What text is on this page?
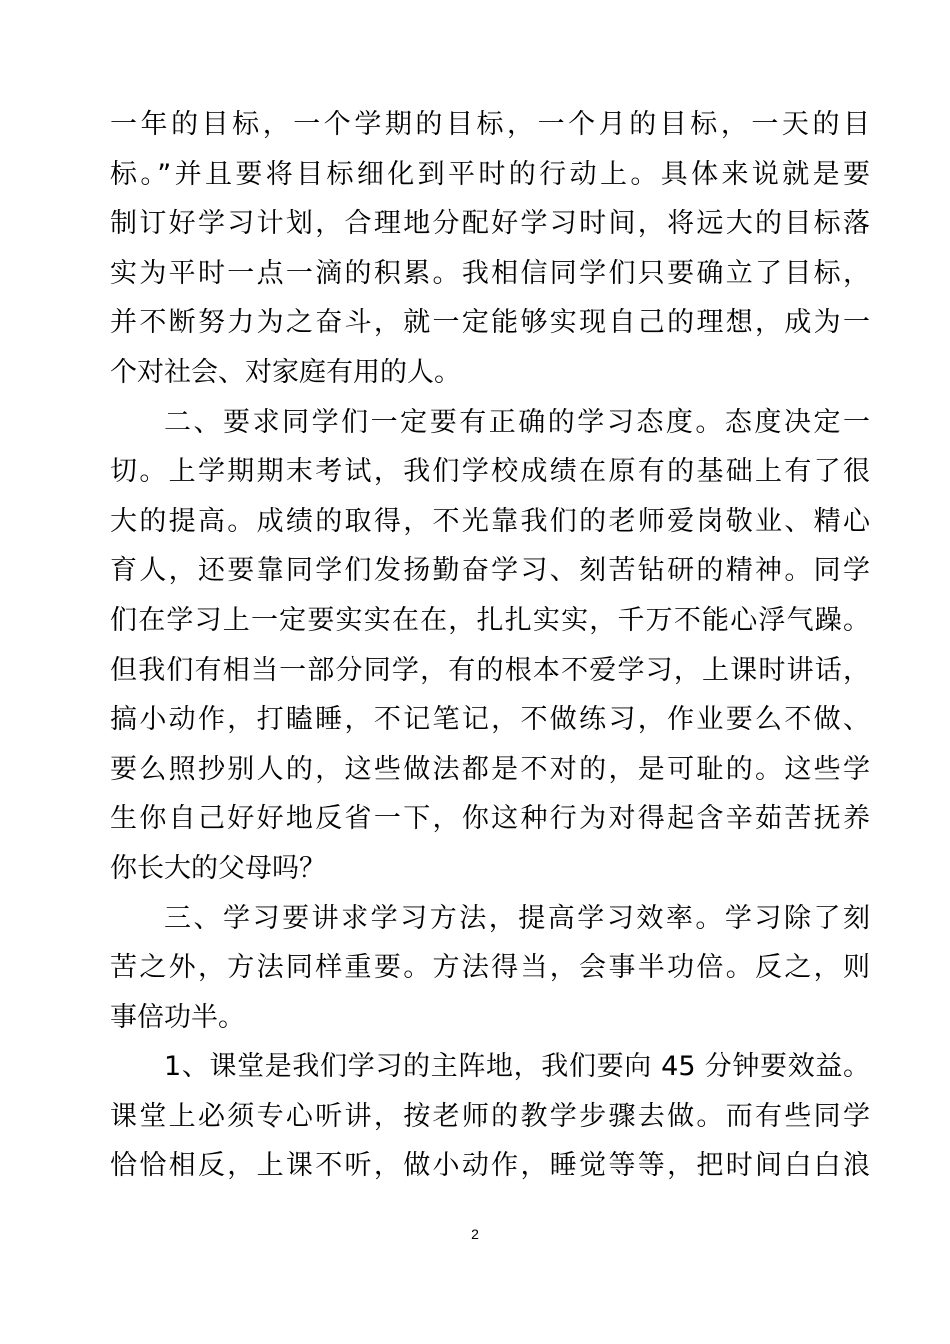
一年的目标，一个学期的目标，一个月的目标，一天的目
标。”并且要将目标细化到平时的行动上。具体来说就是要
制订好学习计划，合理地分配好学习时间，将远大的目标落
实为平时一点一滴的积累。我相信同学们只要确立了目标，
并不断努力为之奋斗，就一定能够实现自己的理想，成为一
个对社会、对家庭有用的人。
二、要求同学们一定要有正确的学习态度。态度决定一
切。上学期期末考试，我们学校成绩在原有的基础上有了很
大的提高。成绩的取得，不光靠我们的老师爱岗敬业、精心
育人，还要靠同学们发扬勤奋学习、刻苦钻研的精神。同学
们在学习上一定要实实在在，扎扎实实，千万不能心浮气躁。
但我们有相当一部分同学，有的根本不爱学习，上课时讲话，
搞小动作，打瞌睡，不记笔记，不做练习，作业要么不做、
要么照抄别人的，这些做法都是不对的，是可耻的。这些学
生你自己好好地反省一下，你这种行为对得起含辛茹苦抚养
你长大的父母吗？
三、学习要讲求学习方法，提高学习效率。学习除了刻
苦之外，方法同样重要。方法得当，会事半功倍。反之，则
事倍功半。
1、课堂是我们学习的主阵地，我们要向 45 分钟要效益。
课堂上必须专心听讲，按老师的教学步骤去做。而有些同学
恰恰相反，上课不听，做小动作，睡觉等等，把时间白白浪
2
